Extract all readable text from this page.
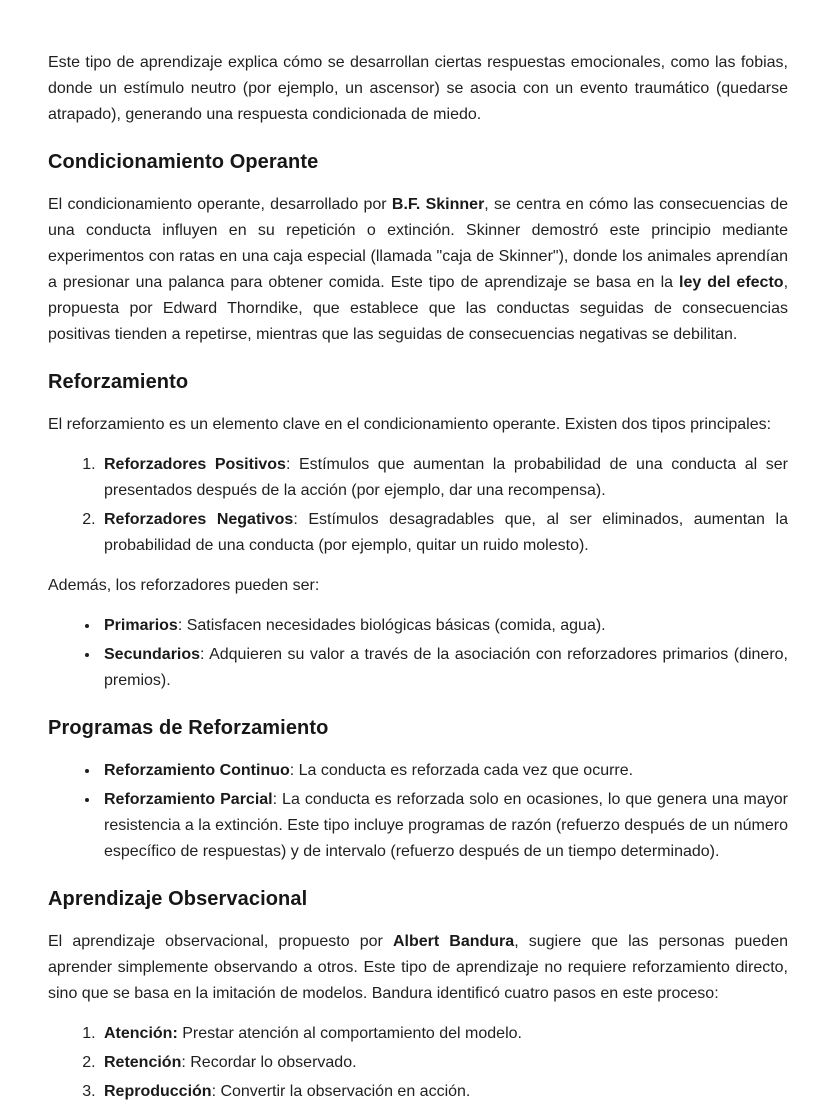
Este tipo de aprendizaje explica cómo se desarrollan ciertas respuestas emocionales, como las fobias, donde un estímulo neutro (por ejemplo, un ascensor) se asocia con un evento traumático (quedarse atrapado), generando una respuesta condicionada de miedo.

Condicionamiento Operante

El condicionamiento operante, desarrollado por B.F. Skinner, se centra en cómo las consecuencias de una conducta influyen en su repetición o extinción. Skinner demostró este principio mediante experimentos con ratas en una caja especial (llamada "caja de Skinner"), donde los animales aprendían a presionar una palanca para obtener comida. Este tipo de aprendizaje se basa en la ley del efecto, propuesta por Edward Thorndike, que establece que las conductas seguidas de consecuencias positivas tienden a repetirse, mientras que las seguidas de consecuencias negativas se debilitan.

Reforzamiento

El reforzamiento es un elemento clave en el condicionamiento operante. Existen dos tipos principales:

1. Reforzadores Positivos: Estímulos que aumentan la probabilidad de una conducta al ser presentados después de la acción (por ejemplo, dar una recompensa).
2. Reforzadores Negativos: Estímulos desagradables que, al ser eliminados, aumentan la probabilidad de una conducta (por ejemplo, quitar un ruido molesto).

Además, los reforzadores pueden ser:

• Primarios: Satisfacen necesidades biológicas básicas (comida, agua).
• Secundarios: Adquieren su valor a través de la asociación con reforzadores primarios (dinero, premios).
Programas de Reforzamiento
• Reforzamiento Continuo: La conducta es reforzada cada vez que ocurre.
• Reforzamiento Parcial: La conducta es reforzada solo en ocasiones, lo que genera una mayor resistencia a la extinción. Este tipo incluye programas de razón (refuerzo después de un número específico de respuestas) y de intervalo (refuerzo después de un tiempo determinado).
Aprendizaje Observacional

El aprendizaje observacional, propuesto por Albert Bandura, sugiere que las personas pueden aprender simplemente observando a otros. Este tipo de aprendizaje no requiere reforzamiento directo, sino que se basa en la imitación de modelos. Bandura identificó cuatro pasos en este proceso:

1. Atención: Prestar atención al comportamiento del modelo.
2. Retención: Recordar lo observado.
3. Reproducción: Convertir la observación en acción.
